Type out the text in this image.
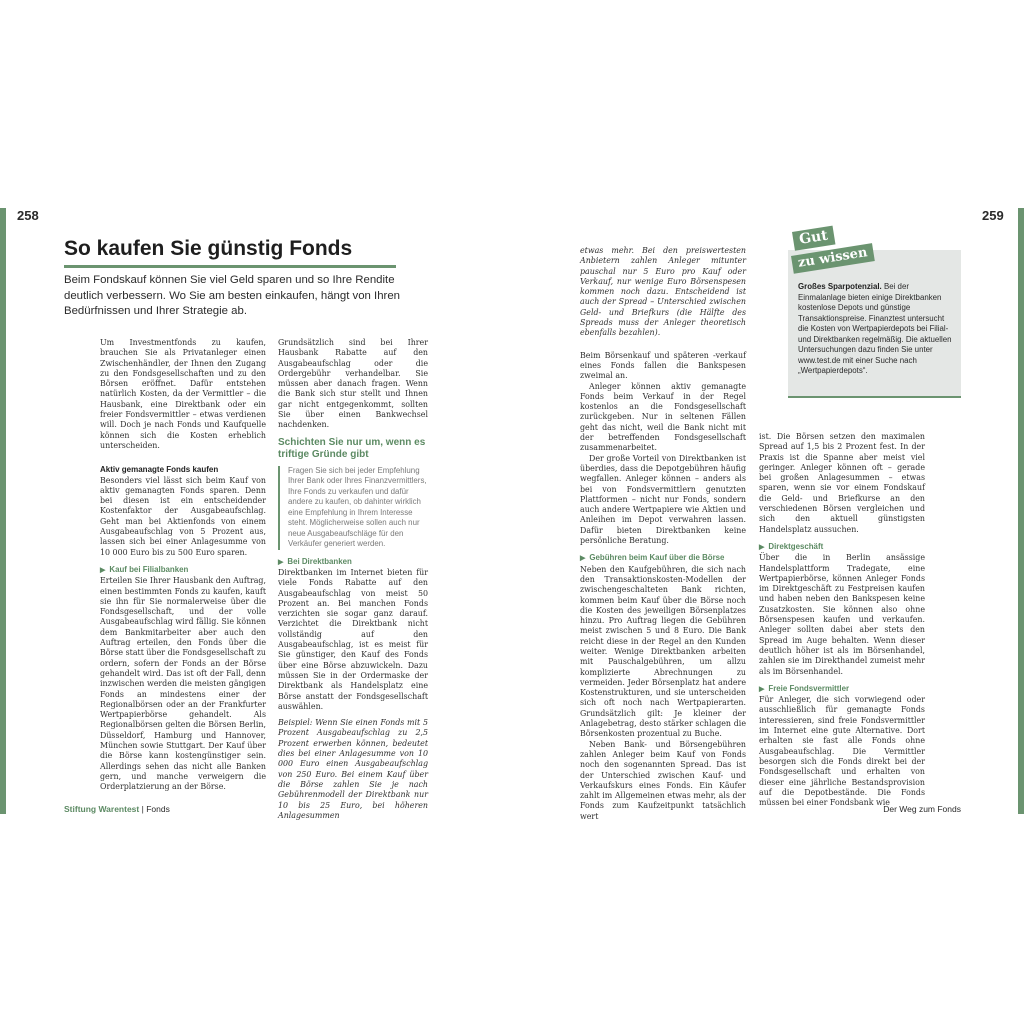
258	259
So kaufen Sie günstig Fonds
Beim Fondskauf können Sie viel Geld sparen und so Ihre Rendite deutlich verbessern. Wo Sie am besten einkaufen, hängt von Ihren Bedürfnissen und Ihrer Strategie ab.

Um Investmentfonds zu kaufen, brauchen Sie als Privatanleger einen Zwischenhändler, der Ihnen den Zugang zu den Fondsgesellschaften und zu den Börsen eröffnet. Dafür entstehen natürlich Kosten, da der Vermittler – die Hausbank, eine Direktbank oder ein freier Fondsvermittler – etwas verdienen will. Doch je nach Fonds und Kaufquelle können sich die Kosten erheblich unterscheiden.

Aktiv gemanagte Fonds kaufen

Besonders viel lässt sich beim Kauf von aktiv gemanagten Fonds sparen. Denn bei diesen ist ein entscheidender Kostenfaktor der Ausgabeaufschlag. Geht man bei Aktienfonds von einem Ausgabeaufschlag von 5 Prozent aus, lassen sich bei einer Anlagesumme von 10 000 Euro bis zu 500 Euro sparen.

▶ Kauf bei Filialbanken

Erteilen Sie Ihrer Hausbank den Auftrag, einen bestimmten Fonds zu kaufen, kauft sie ihn für Sie normalerweise über die Fondsgesellschaft, und der volle Ausgabeaufschlag wird fällig. Sie können dem Bankmitarbeiter aber auch den Auftrag erteilen, den Fonds über die Börse statt über die Fondsgesellschaft zu ordern, sofern der Fonds an der Börse gehandelt wird. Das ist oft der Fall, denn inzwischen werden die meisten gängigen Fonds an mindestens einer der Regionalbörsen oder an der Frankfurter Wertpapierbörse gehandelt. Als Regionalbörsen gelten die Börsen Berlin, Düsseldorf, Hamburg und Hannover, München sowie Stuttgart. Der Kauf über die Börse kann kostengünstiger sein. Allerdings sehen das nicht alle Banken gern, und manche verweigern die Orderplatzierung an der Börse.

Grundsätzlich sind bei Ihrer Hausbank Rabatte auf den Ausgabeaufschlag oder die Ordergebühr verhandelbar. Sie müssen aber danach fragen. Wenn die Bank sich stur stellt und Ihnen gar nicht entgegenkommt, sollten Sie über einen Bankwechsel nachdenken.

Schichten Sie nur um, wenn es triftige Gründe gibt
Fragen Sie sich bei jeder Empfehlung Ihrer Bank oder Ihres Finanzvermittlers, Ihre Fonds zu verkaufen und dafür andere zu kaufen, ob dahinter wirklich eine Empfehlung in Ihrem Interesse steht. Möglicherweise sollen auch nur neue Ausgabeaufschläge für den Verkäufer generiert werden.
▶ Bei Direktbanken

Direktbanken im Internet bieten für viele Fonds Rabatte auf den Ausgabeaufschlag von meist 50 Prozent an. Bei manchen Fonds verzichten sie sogar ganz darauf. Verzichtet die Direktbank nicht vollständig auf den Ausgabeaufschlag, ist es meist für Sie günstiger, den Kauf des Fonds über eine Börse abzuwickeln. Dazu müssen Sie in der Ordermaske der Direktbank als Handelsplatz eine Börse anstatt der Fondsgesellschaft auswählen.

Beispiel: Wenn Sie einen Fonds mit 5 Prozent Ausgabeaufschlag zu 2,5 Prozent erwerben können, bedeutet dies bei einer Anlagesumme von 10 000 Euro einen Ausgabeaufschlag von 250 Euro. Bei einem Kauf über die Börse zahlen Sie je nach Gebührenmodell der Direktbank nur 10 bis 25 Euro, bei höheren Anlagesummen

Stiftung Warentest | Fonds

etwas mehr. Bei den preiswertesten Anbietern zahlen Anleger mitunter pauschal nur 5 Euro pro Kauf oder Verkauf, nur wenige Euro Börsenspesen kommen noch dazu. Entscheidend ist auch der Spread – Unterschied zwischen Geld- und Briefkurs (die Hälfte des Spreads muss der Anleger theoretisch ebenfalls bezahlen).

Beim Börsenkauf und späteren -verkauf eines Fonds fallen die Bankspesen zweimal an.

Anleger können aktiv gemanagte Fonds beim Verkauf in der Regel kostenlos an die Fondsgesellschaft zurückgeben. Nur in seltenen Fällen geht das nicht, weil die Bank nicht mit der betreffenden Fondsgesellschaft zusammenarbeitet.

Der große Vorteil von Direktbanken ist überdies, dass die Depotgebühren häufig wegfallen. Anleger können – anders als bei von Fondsvermittlern genutzten Plattformen – nicht nur Fonds, sondern auch andere Wertpapiere wie Aktien und Anleihen im Depot verwahren lassen. Dafür bieten Direktbanken keine persönliche Beratung.

▶ Gebühren beim Kauf über die Börse

Neben den Kaufgebühren, die sich nach den Transaktionskosten-Modellen der zwischengeschalteten Bank richten, kommen beim Kauf über die Börse noch die Kosten des jeweiligen Börsenplatzes hinzu. Pro Auftrag liegen die Gebühren meist zwischen 5 und 8 Euro. Die Bank reicht diese in der Regel an den Kunden weiter. Wenige Direktbanken arbeiten mit Pauschalgebühren, um allzu komplizierte Abrechnungen zu vermeiden. Jeder Börsenplatz hat andere Kostenstrukturen, und sie unterscheiden sich oft noch nach Wertpapierarten. Grundsätzlich gilt: Je kleiner der Anlagebetrag, desto stärker schlagen die Börsenkosten prozentual zu Buche.

Neben Bank- und Börsengebühren zahlen Anleger beim Kauf von Fonds noch den sogenannten Spread. Das ist der Unterschied zwischen Kauf- und Verkaufskurs eines Fonds. Ein Käufer zahlt im Allgemeinen etwas mehr, als der Fonds zum Kaufzeitpunkt tatsächlich wert

ist. Die Börsen setzen den maximalen Spread auf 1,5 bis 2 Prozent fest. In der Praxis ist die Spanne aber meist viel geringer. Anleger können oft – gerade bei großen Anlagesummen – etwas sparen, wenn sie vor einem Fondskauf die Geld- und Briefkurse an den verschiedenen Börsen vergleichen und sich den aktuell günstigsten Handelsplatz aussuchen.

▶ Direktgeschäft

Über die in Berlin ansässige Handelsplattform Tradegate, eine Wertpapierbörse, können Anleger Fonds im Direktgeschäft zu Festpreisen kaufen und haben neben den Bankspesen keine Zusatzkosten. Sie können also ohne Börsenspesen kaufen und verkaufen. Anleger sollten dabei aber stets den Spread im Auge behalten. Wenn dieser deutlich höher ist als im Börsenhandel, zahlen sie im Direkthandel zumeist mehr als im Börsenhandel.

▶ Freie Fondsvermittler

Für Anleger, die sich vorwiegend oder ausschließlich für gemanagte Fonds interessieren, sind freie Fondsvermittler im Internet eine gute Alternative. Dort erhalten sie fast alle Fonds ohne Ausgabeaufschlag. Die Vermittler besorgen sich die Fonds direkt bei der Fondsgesellschaft und erhalten von dieser eine jährliche Bestandsprovision auf die Depotbestände. Die Fonds müssen bei einer Fondsbank wie

Großes Sparpotenzial. Bei der Einmalanlage bieten einige Direktbanken kostenlose Depots und günstige Transaktionspreise. Finanztest untersucht die Kosten von Wertpapierdepots bei Filial- und Direktbanken regelmäßig. Die aktuellen Untersuchungen dazu finden Sie unter www.test.de mit einer Suche nach „Wertpapierdepots“.
Gut
zu wissen
Der Weg zum Fonds
